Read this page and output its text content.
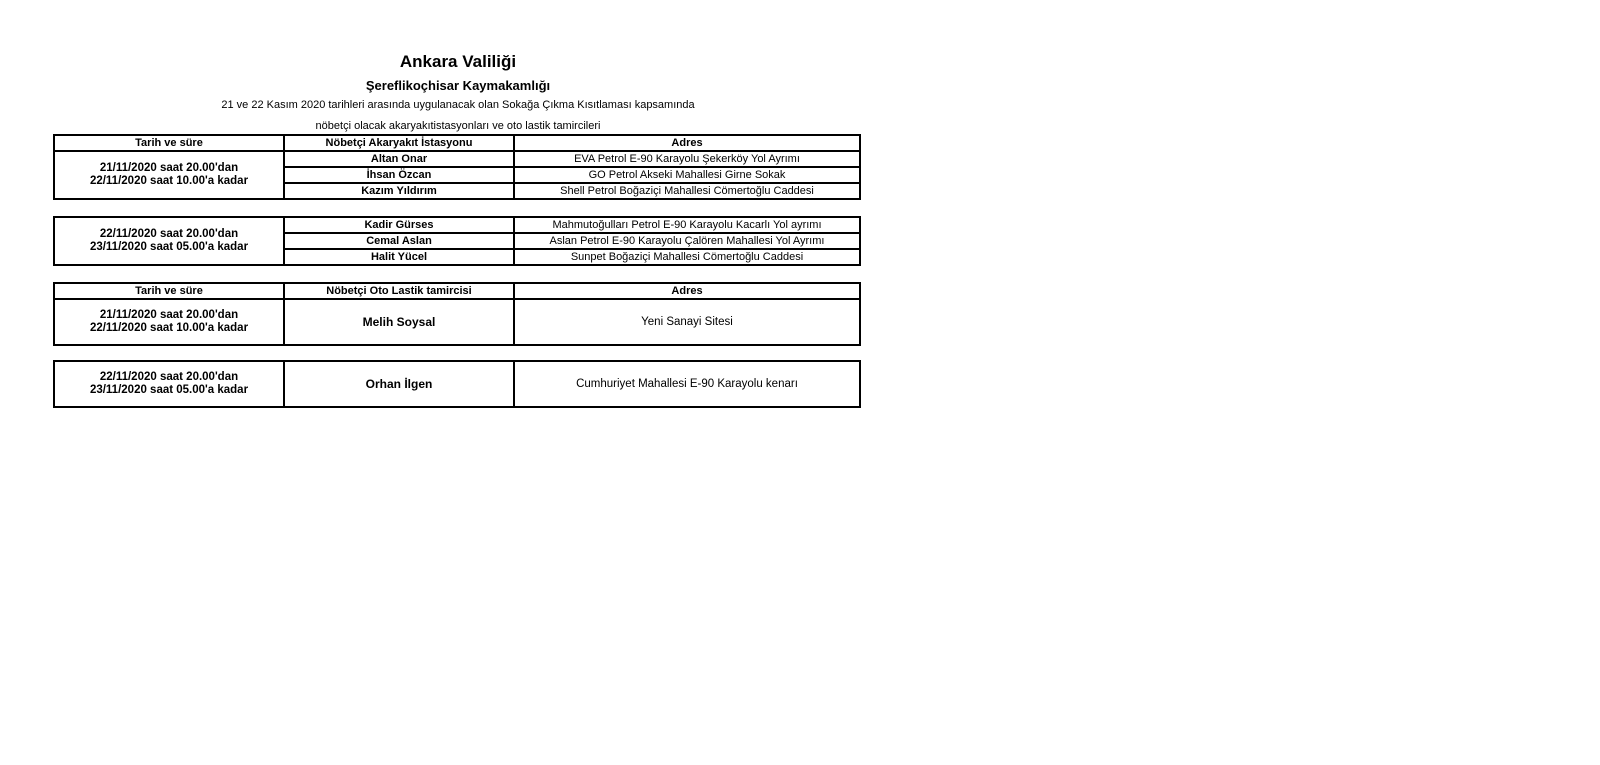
Ankara Valiliği
Şereflikoçhisar Kaymakamlığı
21 ve 22 Kasım 2020 tarihleri arasında uygulanacak olan Sokağa Çıkma Kısıtlaması kapsamında
nöbetçi olacak akaryakıtistasyonları ve oto lastik tamircileri
Tarih ve süre	Nöbetçi Akaryakıt İstasyonu	Adres

21/11/2020 saat 20.00'dan
22/11/2020 saat 10.00'a kadar	Altan Onar	EVA Petrol E-90 Karayolu Şekerköy Yol Ayrımı
	İhsan Özcan	GO Petrol Akseki Mahallesi Girne Sokak
	Kazım Yıldırım	Shell Petrol Boğaziçi Mahallesi Cömertoğlu Caddesi
22/11/2020 saat 20.00'dan
23/11/2020 saat 05.00'a kadar	Kadir Gürses	Mahmutoğulları Petrol E-90 Karayolu Kacarlı Yol ayrımı
	Cemal Aslan	Aslan Petrol E-90 Karayolu Çalören Mahallesi Yol Ayrımı
	Halit Yücel	Sunpet Boğaziçi Mahallesi Cömertoğlu Caddesi
Tarih ve süre	Nöbetçi Oto Lastik tamircisi	Adres

21/11/2020 saat 20.00'dan
22/11/2020 saat 10.00'a kadar	Melih Soysal	Yeni Sanayi Sitesi
22/11/2020 saat 20.00'dan
23/11/2020 saat 05.00'a kadar	Orhan İlgen	Cumhuriyet Mahallesi E-90 Karayolu kenarı
